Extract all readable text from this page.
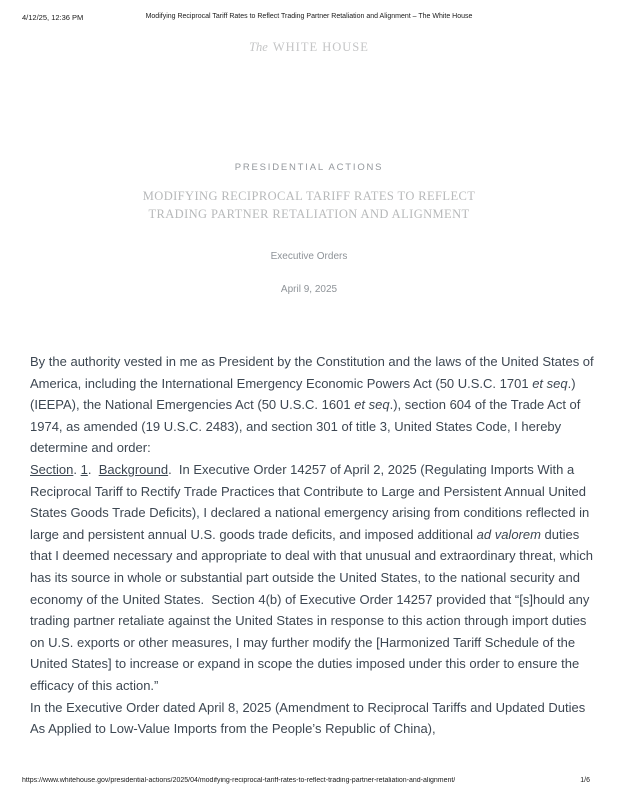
4/12/25, 12:36 PM	Modifying Reciprocal Tariff Rates to Reflect Trading Partner Retaliation and Alignment – The White House
The WHITE HOUSE
PRESIDENTIAL ACTIONS
MODIFYING RECIPROCAL TARIFF RATES TO REFLECT
TRADING PARTNER RETALIATION AND ALIGNMENT
Executive Orders
April 9, 2025

By the authority vested in me as President by the Constitution and the laws of the United States of America, including the International Emergency Economic Powers Act (50 U.S.C. 1701 et seq.) (IEEPA), the National Emergencies Act (50 U.S.C. 1601 et seq.), section 604 of the Trade Act of 1974, as amended (19 U.S.C. 2483), and section 301 of title 3, United States Code, I hereby determine and order:

Section. 1.  Background.  In Executive Order 14257 of April 2, 2025 (Regulating Imports With a Reciprocal Tariff to Rectify Trade Practices that Contribute to Large and Persistent Annual United States Goods Trade Deficits), I declared a national emergency arising from conditions reflected in large and persistent annual U.S. goods trade deficits, and imposed additional ad valorem duties that I deemed necessary and appropriate to deal with that unusual and extraordinary threat, which has its source in whole or substantial part outside the United States, to the national security and economy of the United States.  Section 4(b) of Executive Order 14257 provided that “[s]hould any trading partner retaliate against the United States in response to this action through import duties on U.S. exports or other measures, I may further modify the [Harmonized Tariff Schedule of the United States] to increase or expand in scope the duties imposed under this order to ensure the efficacy of this action.”

In the Executive Order dated April 8, 2025 (Amendment to Reciprocal Tariffs and Updated Duties As Applied to Low-Value Imports from the People’s Republic of China),

https://www.whitehouse.gov/presidential-actions/2025/04/modifying-reciprocal-tariff-rates-to-reflect-trading-partner-retaliation-and-alignment/	1/6
